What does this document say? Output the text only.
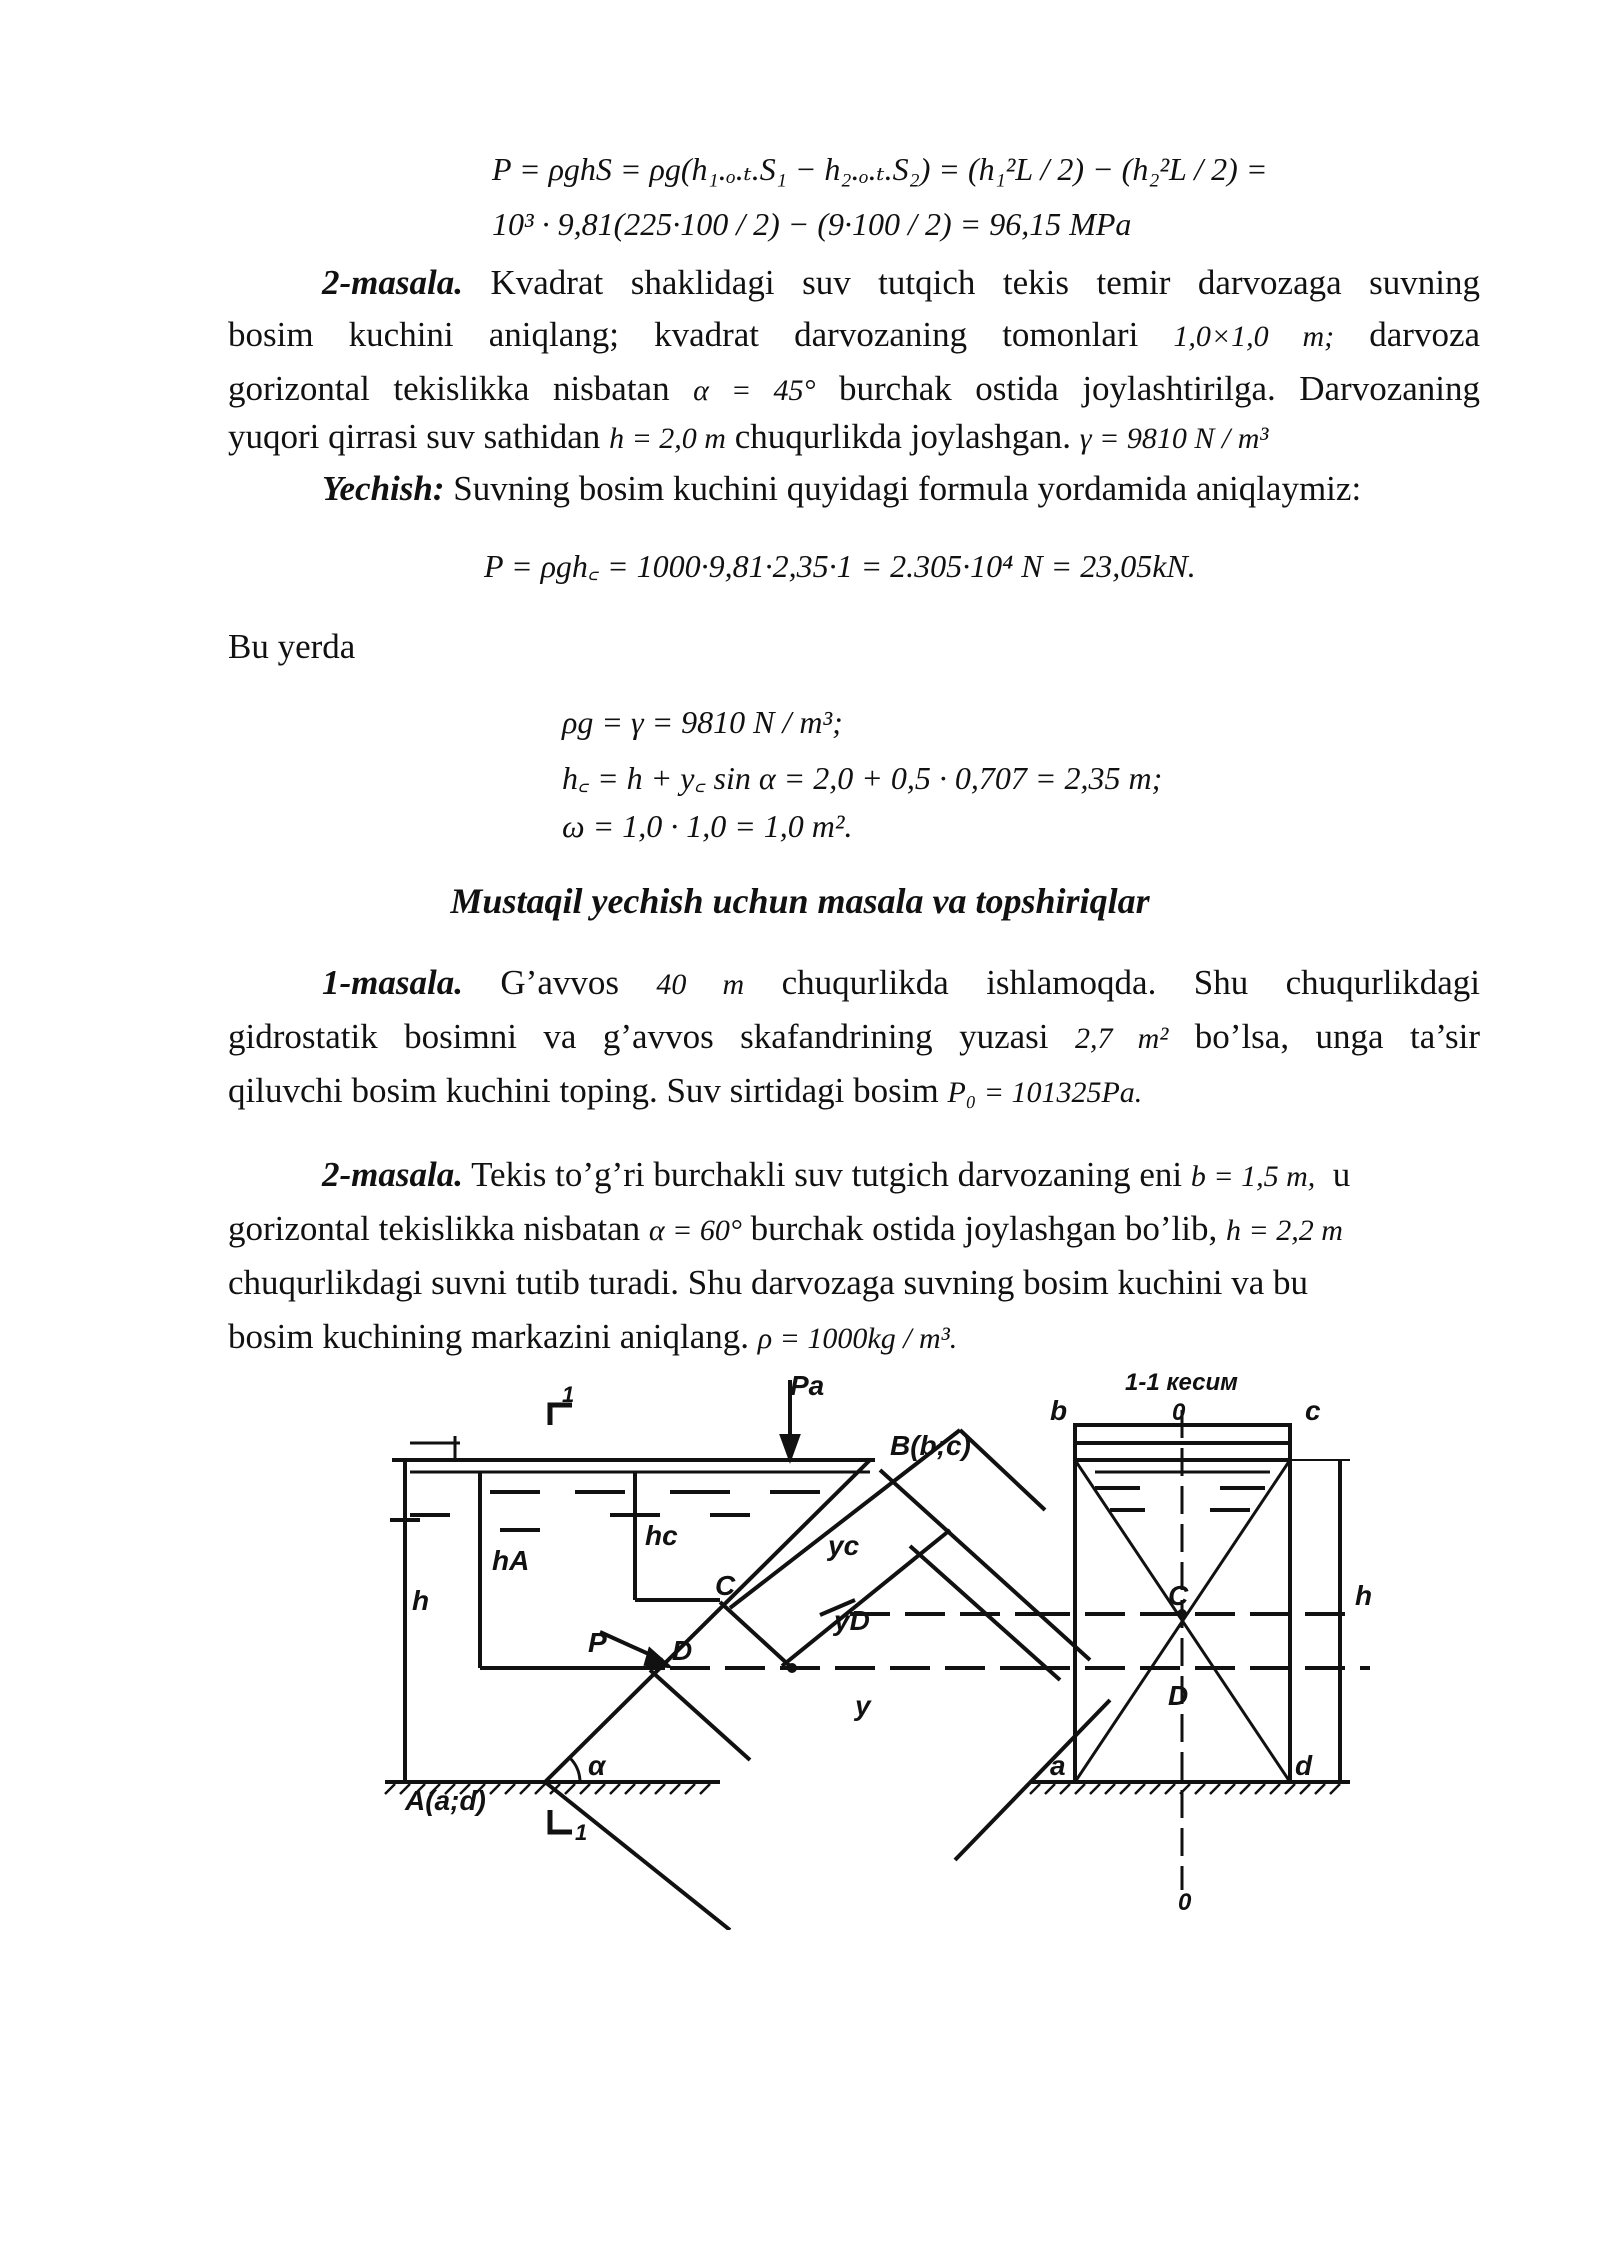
P = ρghS = ρg(h₁.ₒ.ₜ.S₁ − h₂.ₒ.ₜ.S₂) = (h₁²L / 2) − (h₂²L / 2) =
10³ · 9,81(225·100 / 2) − (9·100 / 2) = 96,15 MPa
2-masala. Kvadrat shaklidagi suv tutqich tekis temir darvozaga suvning
bosim kuchini aniqlang; kvadrat darvozaning tomonlari 1,0×1,0 m; darvoza
gorizontal tekislikka nisbatan α = 45° burchak ostida joylashtirilga. Darvozaning
yuqori qirrasi suv sathidan h = 2,0 m chuqurlikda joylashgan. γ = 9810 N / m³
Yechish: Suvning bosim kuchini quyidagi formula yordamida aniqlaymiz:
P = ρgh꜀ = 1000·9,81·2,35·1 = 2.305·10⁴ N = 23,05kN.
Bu yerda
ρg = γ = 9810 N / m³;
h꜀ = h + y꜀ sin α = 2,0 + 0,5 · 0,707 = 2,35 m;
ω = 1,0 · 1,0 = 1,0 m².
Mustaqil yechish uchun masala va topshiriqlar
1-masala. G’avvos 40 m chuqurlikda ishlamoqda. Shu chuqurlikdagi
gidrostatik bosimni va g’avvos skafandrining yuzasi 2,7 m² bo’lsa, unga ta’sir
qiluvchi bosim kuchini toping. Suv sirtidagi bosim P₀ = 101325Pa.
2-masala. Tekis to’g’ri burchakli suv tutgich darvozaning eni b = 1,5 m, u
gorizontal tekislikka nisbatan α = 60° burchak ostida joylashgan bo’lib, h = 2,2 m
chuqurlikdagi suvni tutib turadi. Shu darvozaga suvning bosim kuchini va bu
bosim kuchining markazini aniqlang. ρ = 1000kg / m³.
Pa
B(b;c)
A(a;d)
α
h
hA
hc
C
D
P
yc
yD
y
1
1
1-1 кесим
0
0
b	c
a	d
C
D
h
